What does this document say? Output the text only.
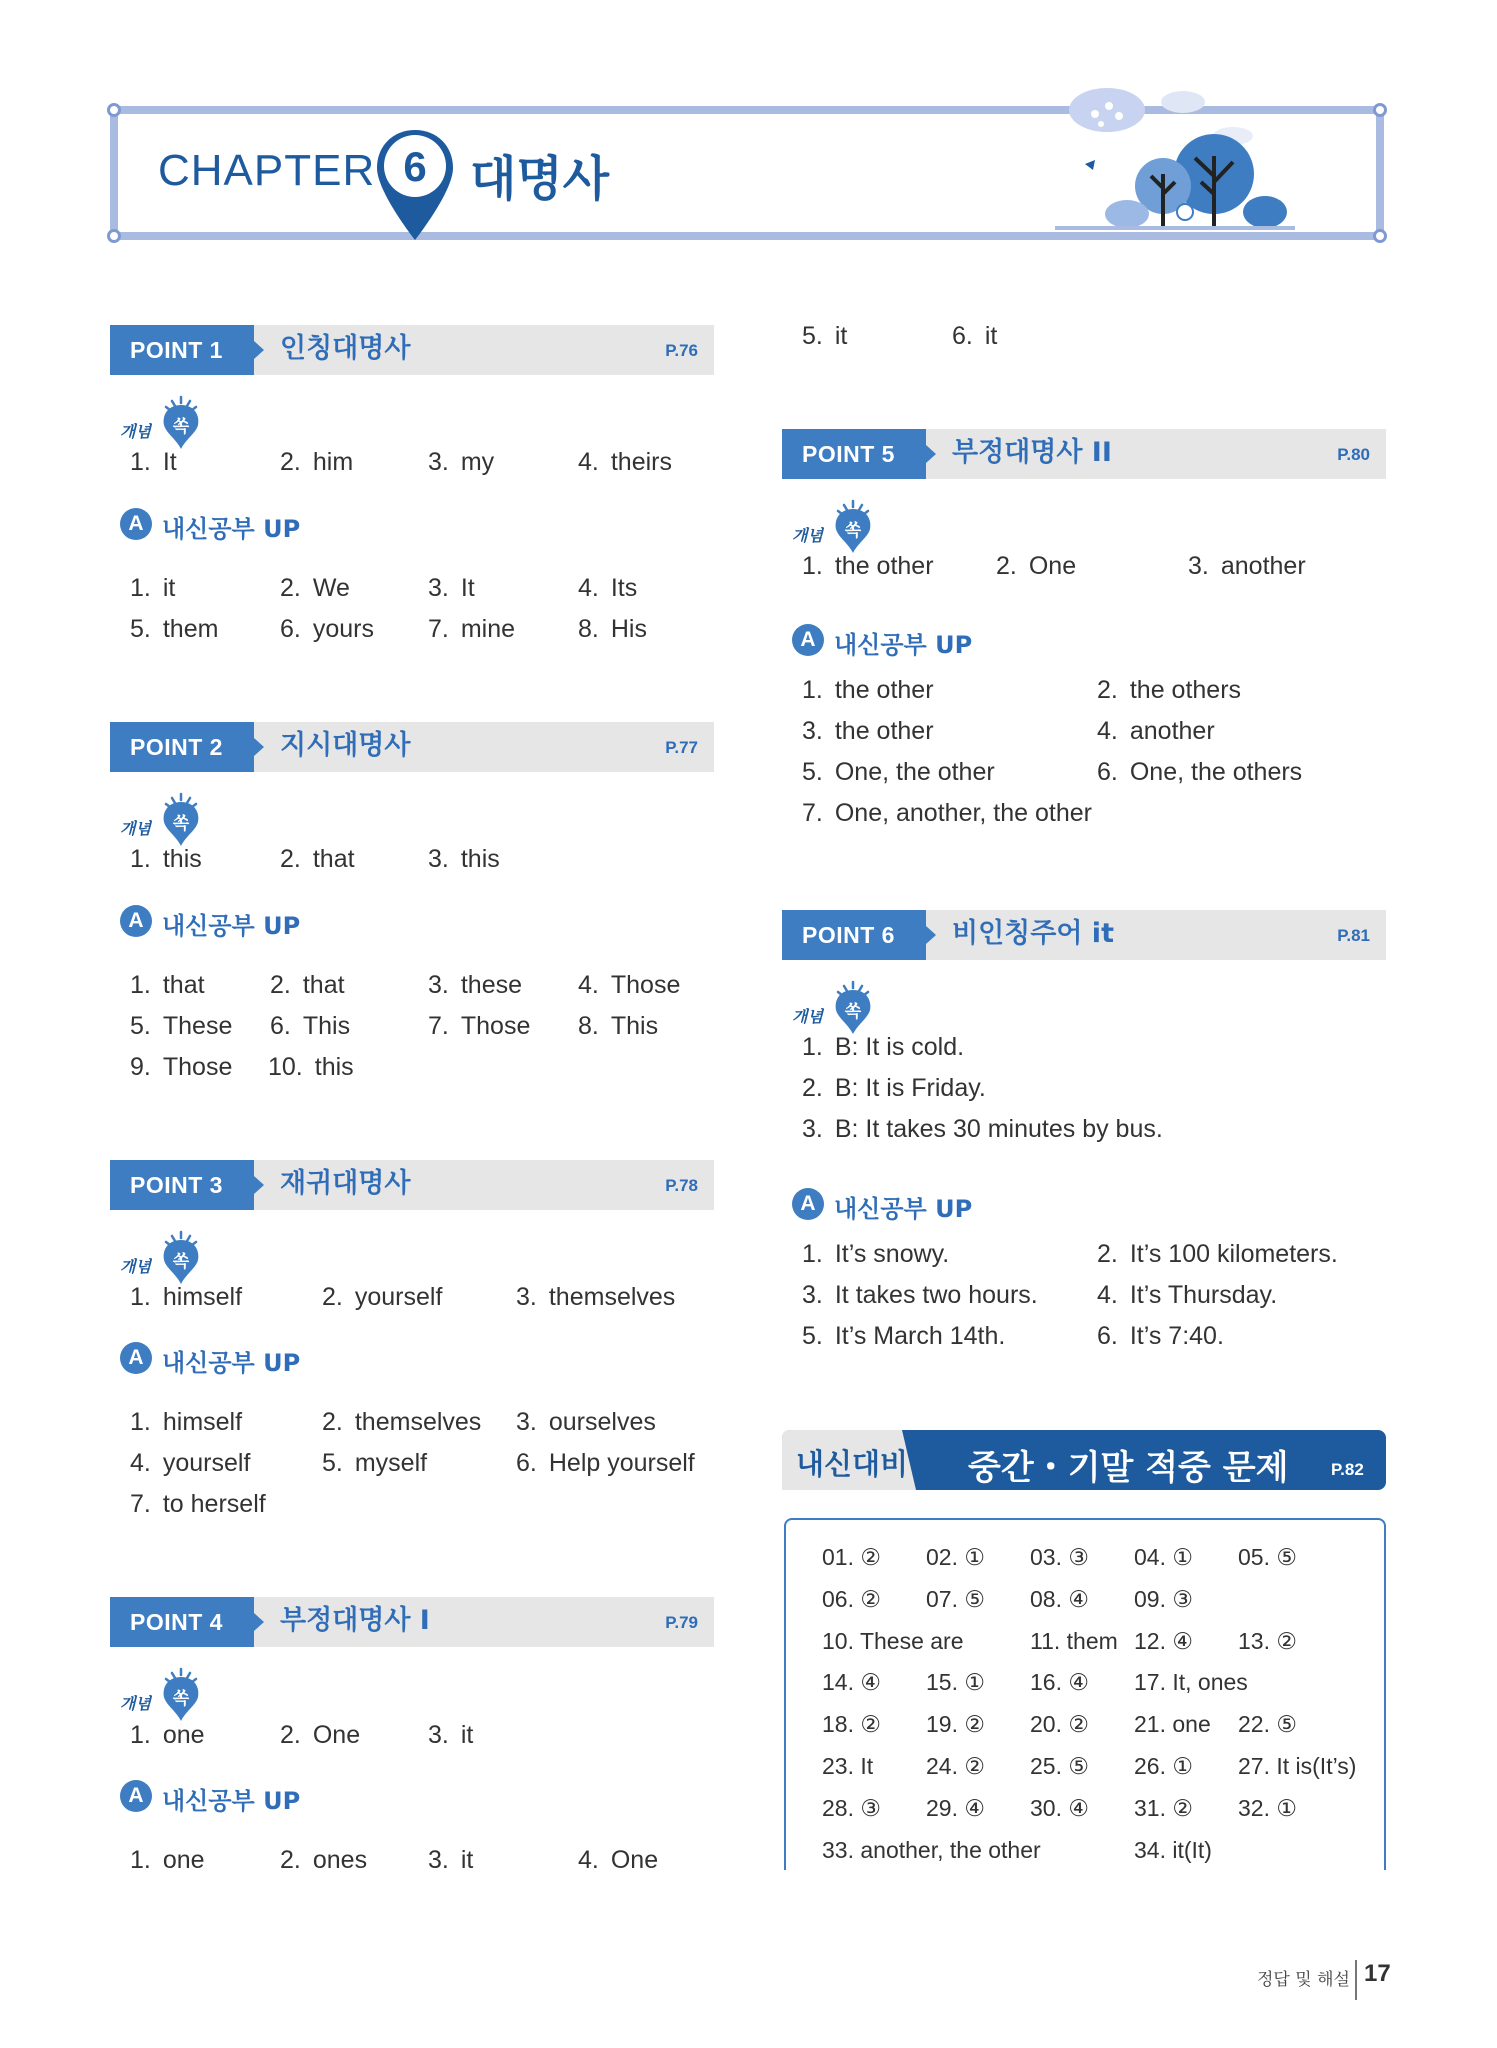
CHAPTER 6 대명사
POINT 1	인칭대명사	P.76
개념 쏙
1. It	2. him	3. my	4. theirs
A 내신공부 UP
1. it	2. We	3. It	4. Its
5. them 6. yours 7. mine	8. His
POINT 2	지시대명사	P.77
개념 쏙
1. this	2. that	3. this
A 내신공부 UP
1. that	2. that	3. these 4. Those
5. These 6. This	7. Those 8. This
9. Those 10. this
POINT 3	재귀대명사	P.78
개념 쏙
1. himself	2. yourself	3. themselves
A 내신공부 UP
1. himself	2. themselves 3. ourselves
4. yourself	5. myself	6. Help yourself
7. to herself
POINT 4	부정대명사 I	P.79
개념 쏙
1. one	2. One	3. it
A 내신공부 UP
1. one	2. ones 3. it	4. One
5. it	6. it
POINT 5	부정대명사 II	P.80
개념 쏙
1. the other 2. One	3. another
A 내신공부 UP
1. the other	2. the others
3. the other	4. another
5. One, the other	6. One, the others
7. One, another, the other
POINT 6	비인칭주어 it	P.81
개념 쏙
1. B: It is cold.
2. B: It is Friday.
3. B: It takes 30 minutes by bus.
A 내신공부 UP
1. It’s snowy.	2. It’s 100 kilometers.
3. It takes two hours. 4. It’s Thursday.
5. It’s March 14th.	6. It’s 7:40.
01. ② 02. ① 03. ③ 04. ① 05. ⑤
06. ② 07. ⑤ 08. ④ 09. ③
10. These are	11. them 12. ④ 13. ②
14. ④ 15. ① 16. ④ 17. It, ones
18. ② 19. ② 20. ② 21. one 22. ⑤
23. It 24. ② 25. ⑤ 26. ① 27. It is(It’s)
28. ③ 29. ④ 30. ④ 31. ② 32. ①
33. another, the other	34. it(It)
내신대비 중간・기말 적중 문제	P.82
정답 및 해설 17
